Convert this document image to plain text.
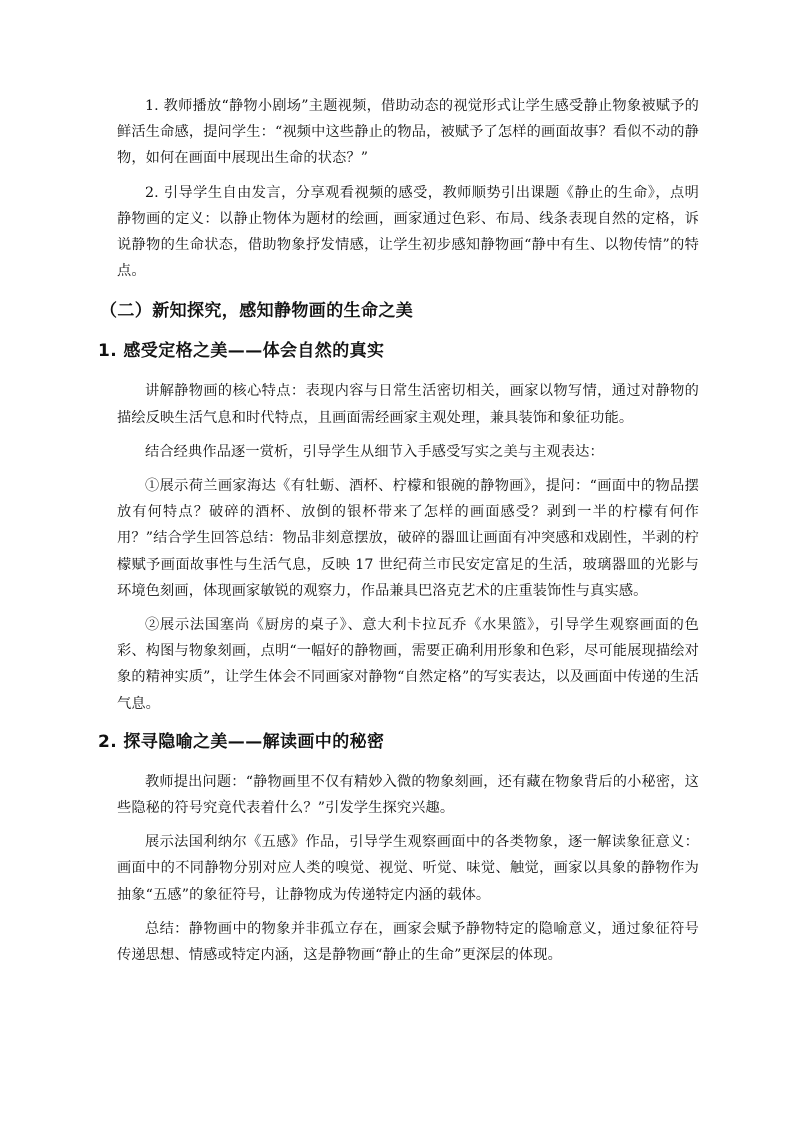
1. 教师播放“静物小剧场”主题视频，借助动态的视觉形式让学生感受静止物象被赋予的鲜活生命感，提问学生：“视频中这些静止的物品，被赋予了怎样的画面故事？看似不动的静物，如何在画面中展现出生命的状态？”

2. 引导学生自由发言，分享观看视频的感受，教师顺势引出课题《静止的生命》，点明静物画的定义：以静止物体为题材的绘画，画家通过色彩、布局、线条表现自然的定格，诉说静物的生命状态，借助物象抒发情感，让学生初步感知静物画“静中有生、以物传情”的特点。

（二）新知探究，感知静物画的生命之美
1. 感受定格之美——体会自然的真实

讲解静物画的核心特点：表现内容与日常生活密切相关，画家以物写情，通过对静物的描绘反映生活气息和时代特点，且画面需经画家主观处理，兼具装饰和象征功能。

结合经典作品逐一赏析，引导学生从细节入手感受写实之美与主观表达：

①展示荷兰画家海达《有牡蛎、酒杯、柠檬和银碗的静物画》，提问：“画面中的物品摆放有何特点？破碎的酒杯、放倒的银杯带来了怎样的画面感受？剥到一半的柠檬有何作用？”结合学生回答总结：物品非刻意摆放，破碎的器皿让画面有冲突感和戏剧性，半剥的柠檬赋予画面故事性与生活气息，反映 17 世纪荷兰市民安定富足的生活，玻璃器皿的光影与环境色刻画，体现画家敏锐的观察力，作品兼具巴洛克艺术的庄重装饰性与真实感。

②展示法国塞尚《厨房的桌子》、意大利卡拉瓦乔《水果篮》，引导学生观察画面的色彩、构图与物象刻画，点明“一幅好的静物画，需要正确利用形象和色彩，尽可能展现描绘对象的精神实质”，让学生体会不同画家对静物“自然定格”的写实表达，以及画面中传递的生活气息。

2. 探寻隐喻之美——解读画中的秘密

教师提出问题：“静物画里不仅有精妙入微的物象刻画，还有藏在物象背后的小秘密，这些隐秘的符号究竟代表着什么？”引发学生探究兴趣。

展示法国利纳尔《五感》作品，引导学生观察画面中的各类物象，逐一解读象征意义：画面中的不同静物分别对应人类的嗅觉、视觉、听觉、味觉、触觉，画家以具象的静物作为抽象“五感”的象征符号，让静物成为传递特定内涵的载体。

总结：静物画中的物象并非孤立存在，画家会赋予静物特定的隐喻意义，通过象征符号传递思想、情感或特定内涵，这是静物画“静止的生命”更深层的体现。
